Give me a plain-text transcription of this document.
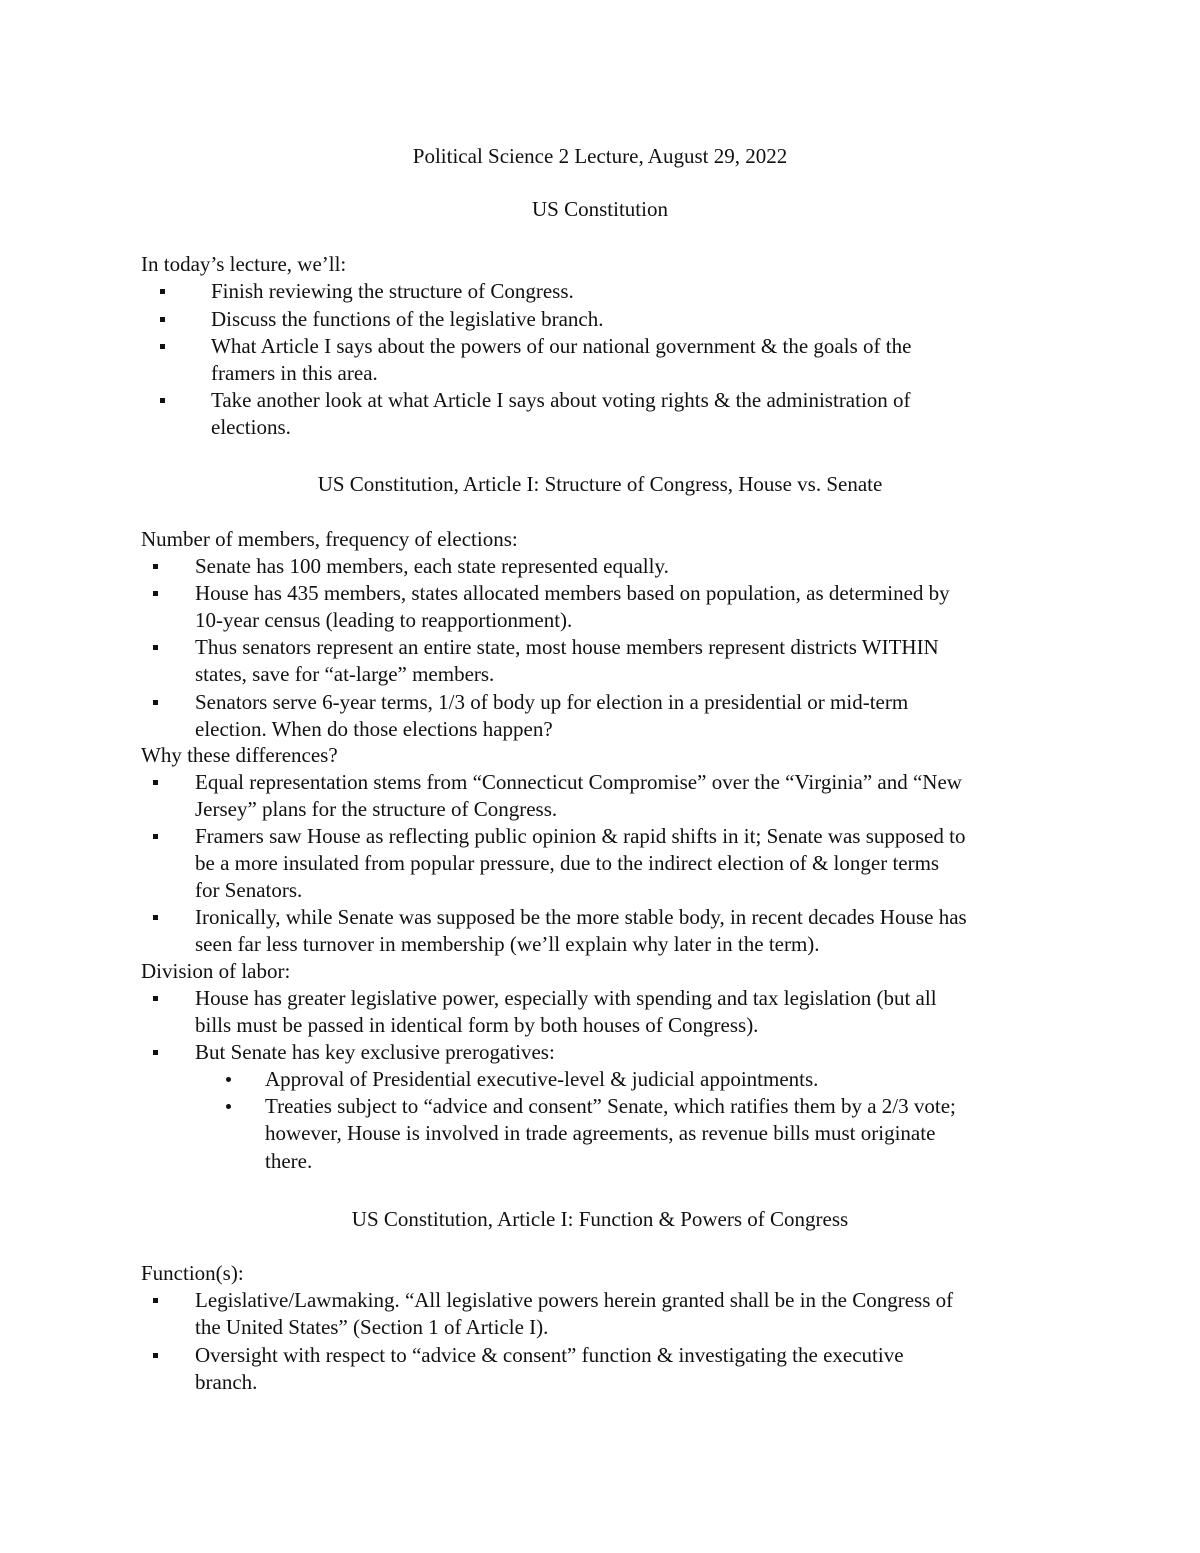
Political Science 2 Lecture, August 29, 2022
US Constitution
In today’s lecture, we’ll:
Finish reviewing the structure of Congress.
Discuss the functions of the legislative branch.
What Article I says about the powers of our national government & the goals of the
framers in this area.
Take another look at what Article I says about voting rights & the administration of
elections.
US Constitution, Article I: Structure of Congress, House vs. Senate
Number of members, frequency of elections:
Senate has 100 members, each state represented equally.
House has 435 members, states allocated members based on population, as determined by
10-year census (leading to reapportionment).
Thus senators represent an entire state, most house members represent districts WITHIN
states, save for “at-large” members.
Senators serve 6-year terms, 1/3 of body up for election in a presidential or mid-term
election. When do those elections happen?
Why these differences?
Equal representation stems from “Connecticut Compromise” over the “Virginia” and “New
Jersey” plans for the structure of Congress.
Framers saw House as reflecting public opinion & rapid shifts in it; Senate was supposed to
be a more insulated from popular pressure, due to the indirect election of & longer terms
for Senators.
Ironically, while Senate was supposed be the more stable body, in recent decades House has
seen far less turnover in membership (we’ll explain why later in the term).
Division of labor:
House has greater legislative power, especially with spending and tax legislation (but all
bills must be passed in identical form by both houses of Congress).
But Senate has key exclusive prerogatives:
Approval of Presidential executive-level & judicial appointments.
Treaties subject to “advice and consent” Senate, which ratifies them by a 2/3 vote;
however, House is involved in trade agreements, as revenue bills must originate
there.
US Constitution, Article I: Function & Powers of Congress
Function(s):
Legislative/Lawmaking. “All legislative powers herein granted shall be in the Congress of
the United States” (Section 1 of Article I).
Oversight with respect to “advice & consent” function & investigating the executive
branch.
